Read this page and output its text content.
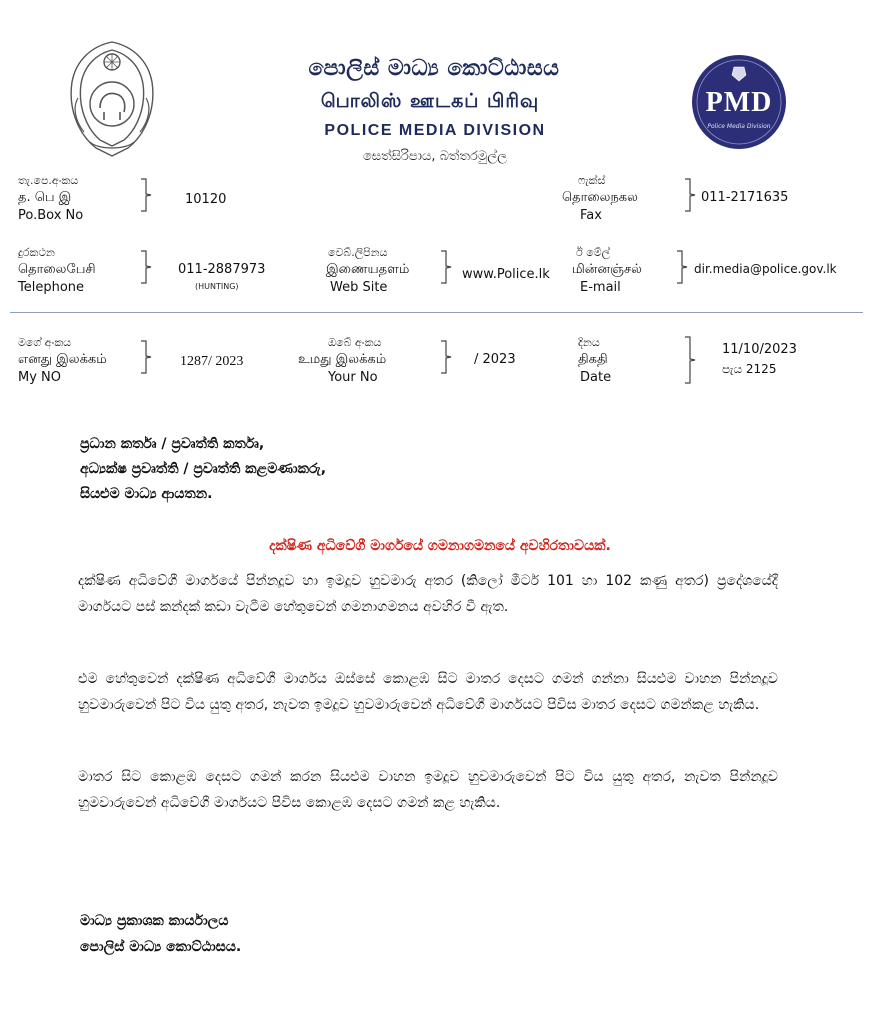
පොලිස් මාධ්‍ය කොට්ඨාසය
பொலிஸ் ஊடகப் பிரிவு
POLICE MEDIA DIVISION
සෙත්සිරිපාය, බත්තරමුල්ල
PMD
Police Media Division
තැ.පෙ.අංකය
த. பெ இ
Po.Box No
10120
ෆැක්ස්
தொலைநகல
Fax
011-2171635
දුරකථන
தொலைபேசி
Telephone
011-2887973
(HUNTING)
වෙබ්.ලිපිනය
இணையதளம்
Web Site
www.Police.lk
ඊ මේල්
மின்னஞ்சல்
E-mail
dir.media@police.gov.lk
මගේ අංකය
எனது இலக்கம்
My NO
1287/ 2023
ඔබේ අංකය
உமது இலக்கம்
Your No
/ 2023
දිනය
திகதி
Date
11/10/2023
පැය 2125
ප්‍රධාන කර්තෘ / ප්‍රවෘත්ති කර්තෘ,
අධ්‍යක්ෂ ප්‍රවෘත්ති / ප්‍රවෘත්ති කළමණාකරු,
සියළුම මාධ්‍ය ආයතන.
දක්ෂිණ අධිවේගී මාර්ගයේ ගමනාගමනයේ අවහිරතාවයක්.
දක්ෂිණ අධිවේගී මාර්ගයේ පින්නදූව හා ඉමදූව හුවමාරු අතර (කිලෝ මීටර් 101 හා 102 කණු අතර) ප්‍රදේශයේදී මාර්ගයට පස් කන්දක් කඩා වැටීම හේතුවෙන් ගමනාගමනය අවහිර වී ඇත.
එම හේතුවෙන් දක්ෂිණ අධිවේගී මාර්ගය ඔස්සේ කොළඹ සිට මාතර දෙසට ගමන් ගන්නා සියළුම වාහන පින්නදූව හුවමාරුවෙන් පිට විය යුතු අතර, නැවත ඉමදූව හුවමාරුවෙන් අධිවේගී මාර්ගයට පිවිස මාතර දෙසට ගමන්කළ හැකිය.
මාතර සිට කොළඹ දෙසට ගමන් කරන සියළුම වාහන ඉමදූව හුවමාරුවෙන් පිට විය යුතු අතර, නැවත පින්නදූව හුමවාරුවෙන් අධිවේගී මාර්ගයට පිවිස කොළඹ දෙසට ගමන් කළ හැකිය.
මාධ්‍ය ප්‍රකාශක කාර්යාලය
පොලිස් මාධ්‍ය කොට්ඨාසය.
